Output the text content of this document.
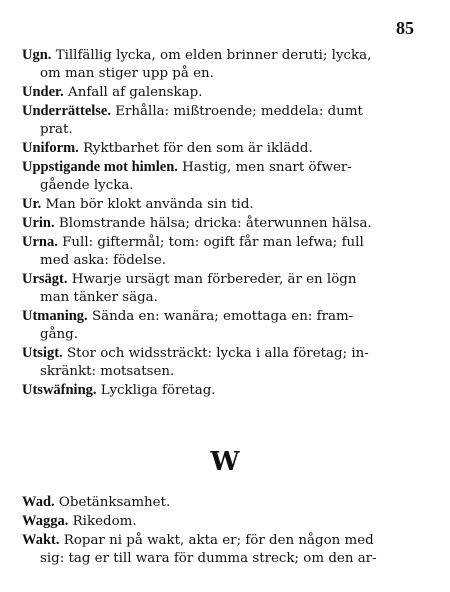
85
Ugn. Tillfällig lycka, om elden brinner deruti; lycka,
om man stiger upp på en.
Under. Anfall af galenskap.
Underrättelse. Erhålla: mißtroende; meddela: dumt
prat.
Uniform. Ryktbarhet för den som är iklädd.
Uppstigande mot himlen. Hastig, men snart öfwer-
gående lycka.
Ur. Man bör klokt använda sin tid.
Urin. Blomstrande hälsa; dricka: återwunnen hälsa.
Urna. Full: giftermål; tom: ogift får man lefwa; full
med aska: födelse.
Ursägt. Hwarje ursägt man förbereder, är en lögn
man tänker säga.
Utmaning. Sända en: wanära; emottaga en: fram-
gång.
Utsigt. Stor och widssträckt: lycka i alla företag; in-
skränkt: motsatsen.
Utswäfning. Lyckliga företag.
W
Wad. Obetänksamhet.
Wagga. Rikedom.
Wakt. Ropar ni på wakt, akta er; för den någon med
sig: tag er till wara för dumma streck; om den ar-
